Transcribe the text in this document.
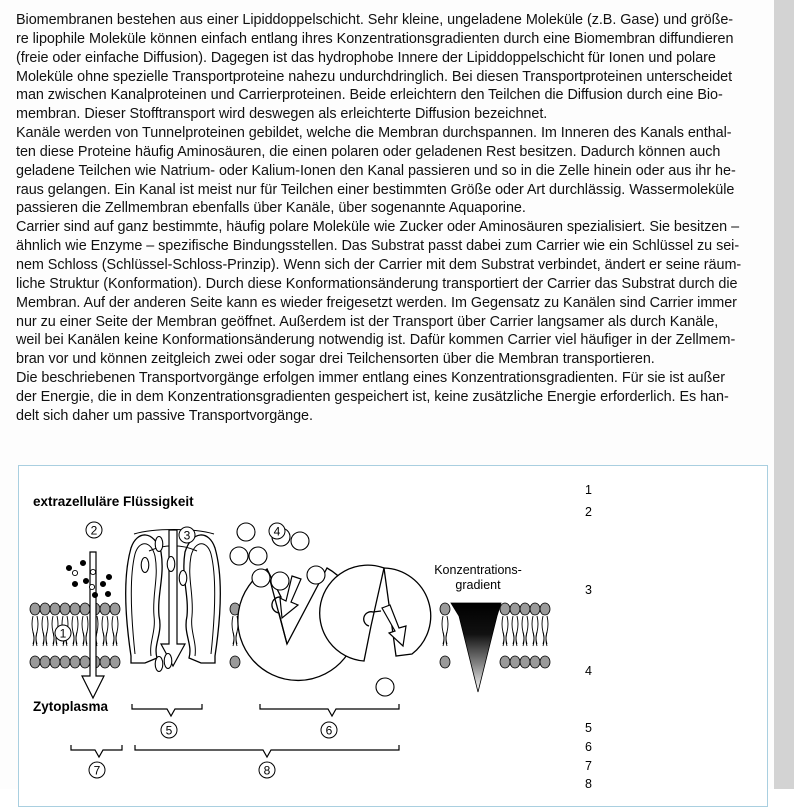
Biomembranen bestehen aus einer Lipiddoppelschicht. Sehr kleine, ungeladene Moleküle (z.B. Gase) und größe-
re lipophile Moleküle können einfach entlang ihres Konzentrationsgradienten durch eine Biomembran diffundieren
(freie oder einfache Diffusion). Dagegen ist das hydrophobe Innere der Lipiddoppelschicht für Ionen und polare
Moleküle ohne spezielle Transportproteine nahezu undurchdringlich. Bei diesen Transportproteinen unterscheidet
man zwischen Kanalproteinen und Carrierproteinen. Beide erleichtern den Teilchen die Diffusion durch eine Bio-
membran. Dieser Stofftransport wird deswegen als erleichterte Diffusion bezeichnet.
Kanäle werden von Tunnelproteinen gebildet, welche die Membran durchspannen. Im Inneren des Kanals enthal-
ten diese Proteine häufig Aminosäuren, die einen polaren oder geladenen Rest besitzen. Dadurch können auch
geladene Teilchen wie Natrium- oder Kalium-Ionen den Kanal passieren und so in die Zelle hinein oder aus ihr he-
raus gelangen. Ein Kanal ist meist nur für Teilchen einer bestimmten Größe oder Art durchlässig. Wassermoleküle
passieren die Zellmembran ebenfalls über Kanäle, über sogenannte Aquaporine.
Carrier sind auf ganz bestimmte, häufig polare Moleküle wie Zucker oder Aminosäuren spezialisiert. Sie besitzen –
ähnlich wie Enzyme – spezifische Bindungsstellen. Das Substrat passt dabei zum Carrier wie ein Schlüssel zu sei-
nem Schloss (Schlüssel-Schloss-Prinzip). Wenn sich der Carrier mit dem Substrat verbindet, ändert er seine räum-
liche Struktur (Konformation). Durch diese Konformationsänderung transportiert der Carrier das Substrat durch die
Membran. Auf der anderen Seite kann es wieder freigesetzt werden. Im Gegensatz zu Kanälen sind Carrier immer
nur zu einer Seite der Membran geöffnet. Außerdem ist der Transport über Carrier langsamer als durch Kanäle,
weil bei Kanälen keine Konformationsänderung notwendig ist. Dafür kommen Carrier viel häufiger in der Zellmem-
bran vor und können zeitgleich zwei oder sogar drei Teilchensorten über die Membran transportieren.
Die beschriebenen Transportvorgänge erfolgen immer entlang eines Konzentrationsgradienten. Für sie ist außer
der Energie, die in dem Konzentrationsgradienten gespeichert ist, keine zusätzliche Energie erforderlich. Es han-
delt sich daher um passive Transportvorgänge.
extrazelluläre Flüssigkeit
Zytoplasma
Konzentrations-
gradient
1
2	3	4
5	6
7	8
1
2
3
4
5
6
7
8
